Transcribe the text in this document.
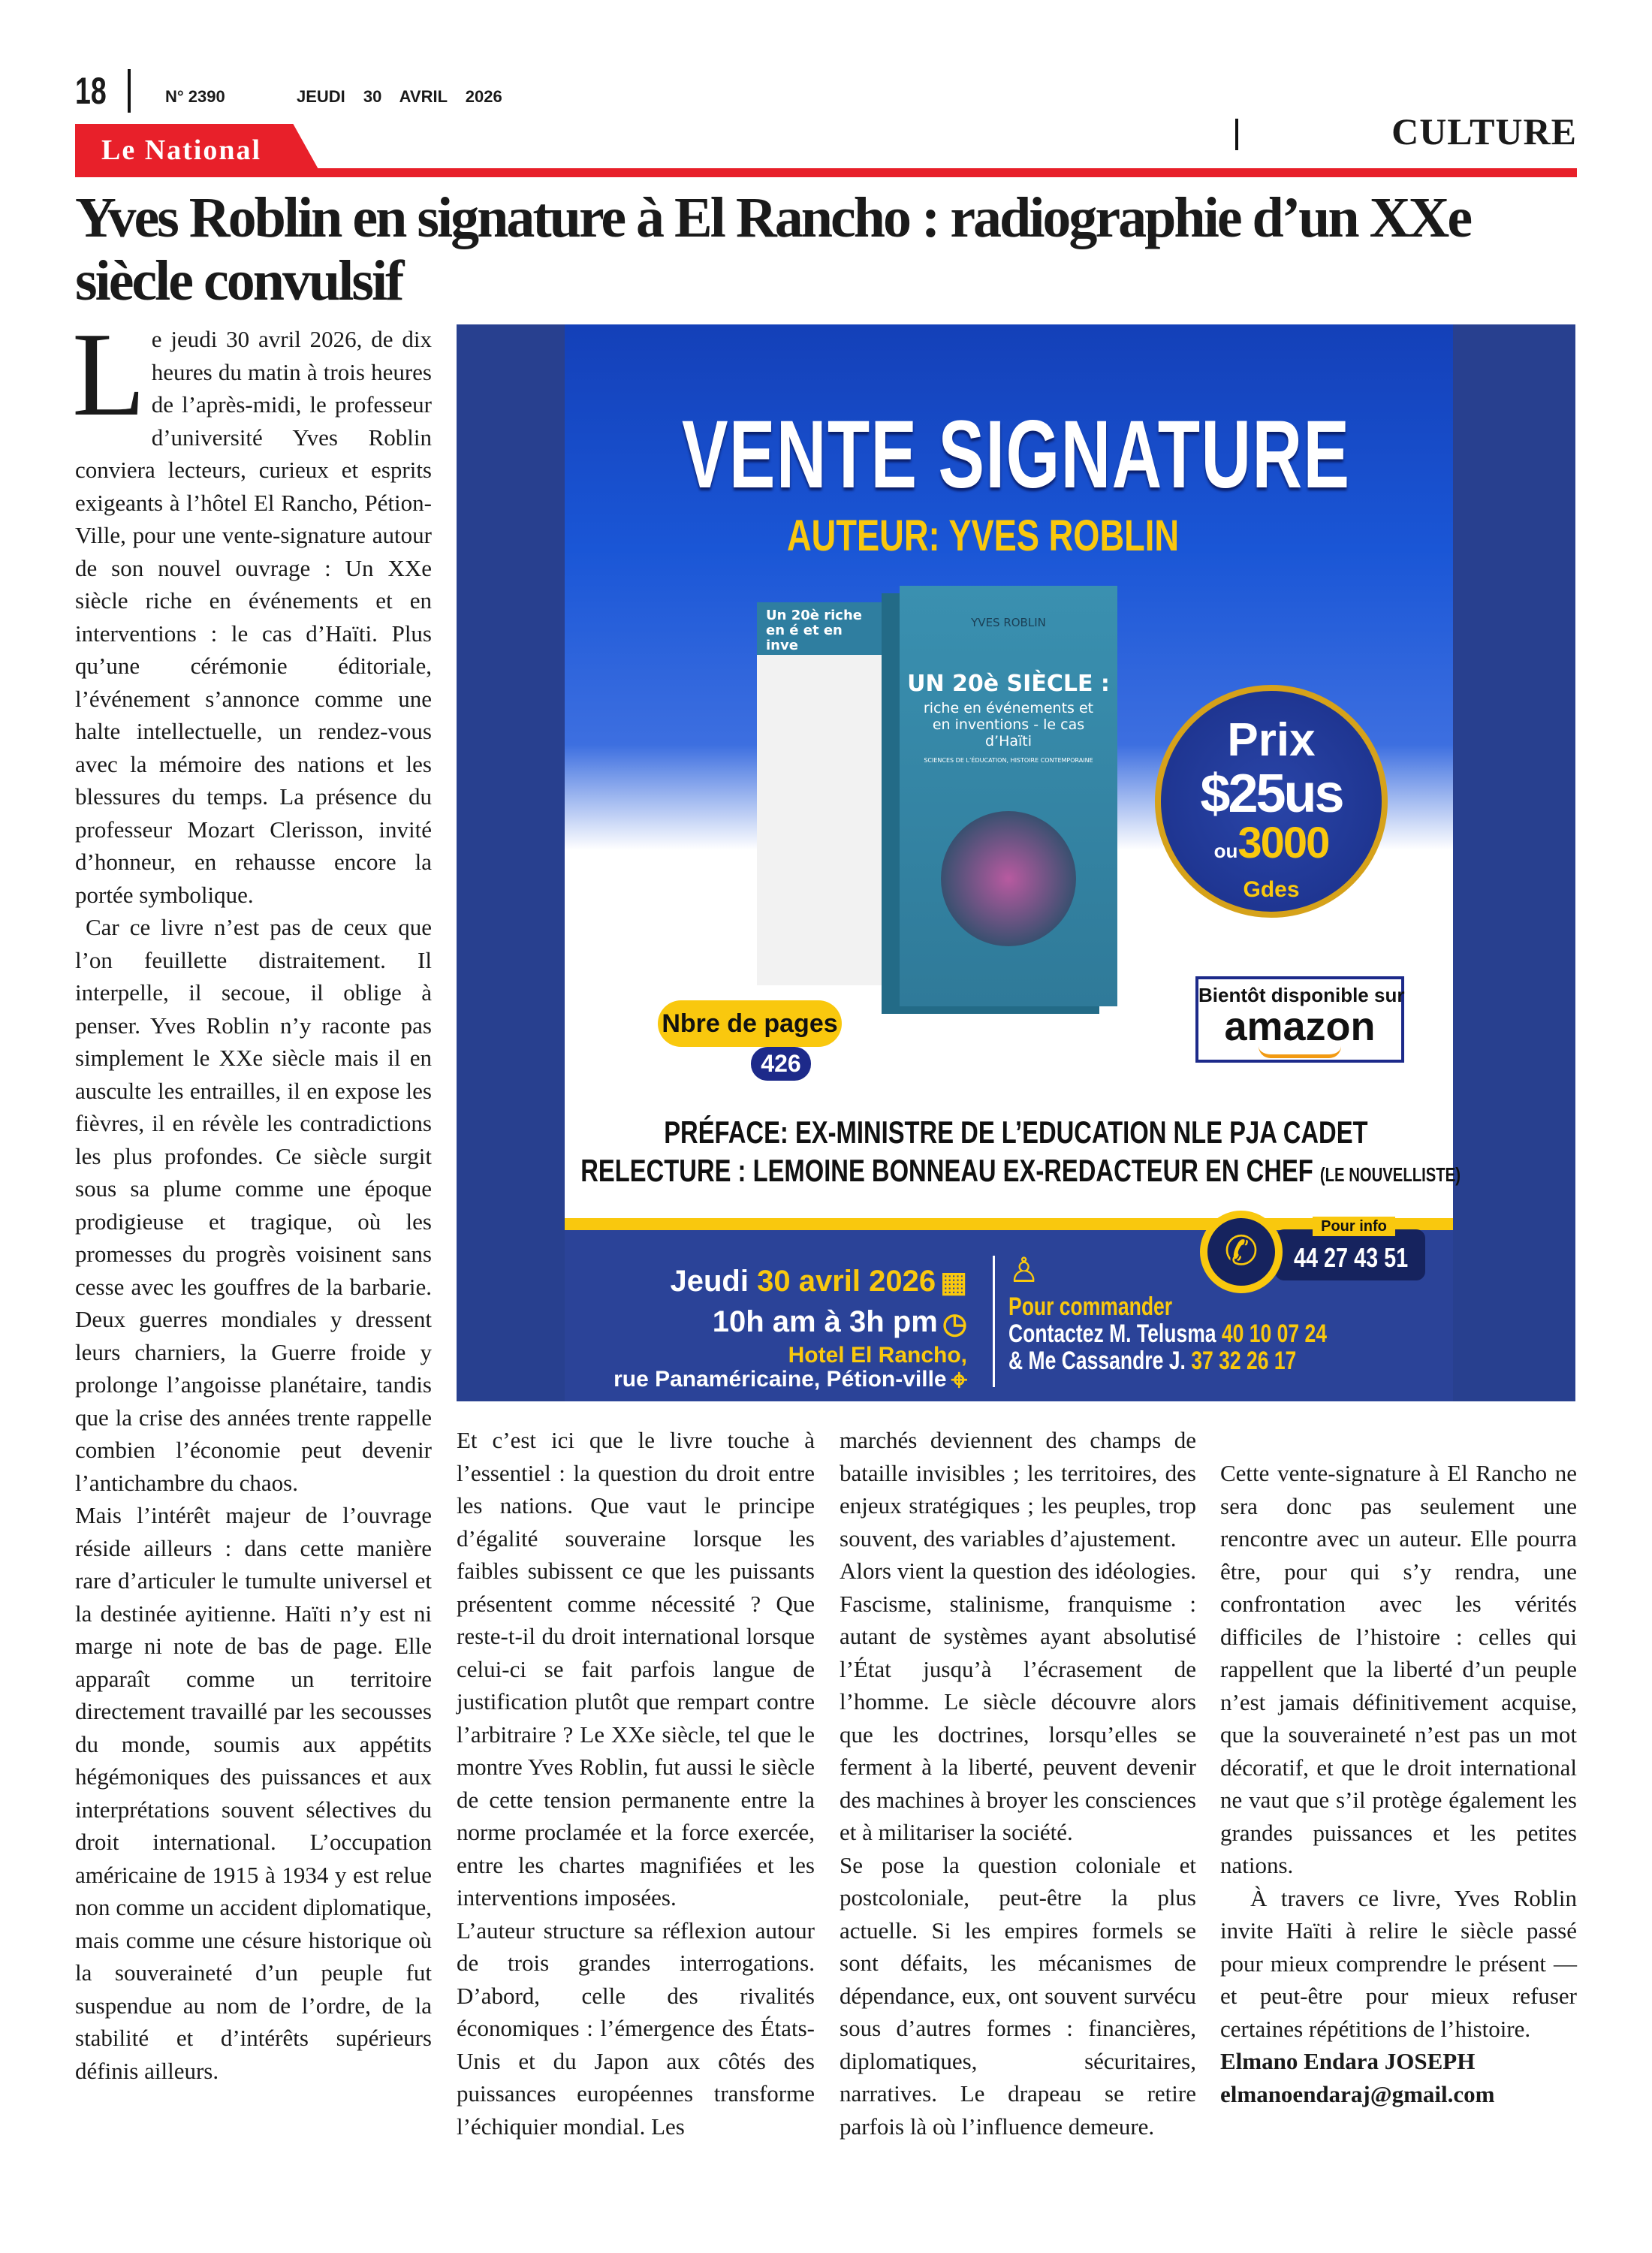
18	N° 2390	JEUDI 30 AVRIL 2026
CULTURE
Le National
Yves Roblin en signature à El Rancho : radiographie d’un XXe siècle convulsif

Le jeudi 30 avril 2026, de dix heures du matin à trois heures de l’après-midi, le professeur d’université Yves Roblin conviera lecteurs, curieux et esprits exigeants à l’hôtel El Rancho, Pétion-Ville, pour une vente-signature autour de son nouvel ouvrage : Un XXe siècle riche en événements et en interventions : le cas d’Haïti. Plus qu’une cérémonie éditoriale, l’événement s’annonce comme une halte intellectuelle, un rendez-vous avec la mémoire des nations et les blessures du temps. La présence du professeur Mozart Clerisson, invité d’honneur, en rehausse encore la portée symbolique.

Car ce livre n’est pas de ceux que l’on feuillette distraitement. Il interpelle, il secoue, il oblige à penser. Yves Roblin n’y raconte pas simplement le XXe siècle mais il en ausculte les entrailles, il en expose les fièvres, il en révèle les contradictions les plus profondes. Ce siècle surgit sous sa plume comme une époque prodigieuse et tragique, où les promesses du progrès voisinent sans cesse avec les gouffres de la barbarie. Deux guerres mondiales y dressent leurs charniers, la Guerre froide y prolonge l’angoisse planétaire, tandis que la crise des années trente rappelle combien l’économie peut devenir l’antichambre du chaos.

Mais l’intérêt majeur de l’ouvrage réside ailleurs : dans cette manière rare d’articuler le tumulte universel et la destinée ayitienne. Haïti n’y est ni marge ni note de bas de page. Elle apparaît comme un territoire directement travaillé par les secousses du monde, soumis aux appétits hégémoniques des puissances et aux interprétations souvent sélectives du droit international. L’occupation américaine de 1915 à 1934 y est relue non comme un accident diplomatique, mais comme une césure historique où la souveraineté d’un peuple fut suspendue au nom de l’ordre, de la stabilité et d’intérêts supérieurs définis ailleurs.

Et c’est ici que le livre touche à l’essentiel : la question du droit entre les nations. Que vaut le principe d’égalité souveraine lorsque les faibles subissent ce que les puissants présentent comme nécessité ? Que reste-t-il du droit international lorsque celui-ci se fait parfois langue de justification plutôt que rempart contre l’arbitraire ? Le XXe siècle, tel que le montre Yves Roblin, fut aussi le siècle de cette tension permanente entre la norme proclamée et la force exercée, entre les chartes magnifiées et les interventions imposées.

L’auteur structure sa réflexion autour de trois grandes interrogations. D’abord, celle des rivalités économiques : l’émergence des États-Unis et du Japon aux côtés des puissances européennes transforme l’échiquier mondial. Les

marchés deviennent des champs de bataille invisibles ; les territoires, des enjeux stratégiques ; les peuples, trop souvent, des variables d’ajustement.

Alors vient la question des idéologies. Fascisme, stalinisme, franquisme : autant de systèmes ayant absolutisé l’État jusqu’à l’écrasement de l’homme. Le siècle découvre alors que les doctrines, lorsqu’elles se ferment à la liberté, peuvent devenir des machines à broyer les consciences et à militariser la société.

Se pose la question coloniale et postcoloniale, peut-être la plus actuelle. Si les empires formels se sont défaits, les mécanismes de dépendance, eux, ont souvent survécu sous d’autres formes : financières, diplomatiques, sécuritaires, narratives. Le drapeau se retire parfois là où l’influence demeure.

Cette vente-signature à El Rancho ne sera donc pas seulement une rencontre avec un auteur. Elle pourra être, pour qui s’y rendra, une confrontation avec les vérités difficiles de l’histoire : celles qui rappellent que la liberté d’un peuple n’est jamais définitivement acquise, que la souveraineté n’est pas un mot décoratif, et que le droit international ne vaut que s’il protège également les grandes puissances et les petites nations.

À travers ce livre, Yves Roblin invite Haïti à relire le siècle passé pour mieux comprendre le présent — et peut-être pour mieux refuser certaines répétitions de l’histoire.

Elmano Endara JOSEPH

elmanoendaraj@gmail.com

VENTE SIGNATURE
AUTEUR: YVES ROBLIN
Un 20è riche en é et en inve
YVES ROBLIN
UN 20è SIÈCLE :
riche en événements et en inventions - le cas d’Haïti
SCIENCES DE L’ÉDUCATION, HISTOIRE CONTEMPORAINE	Prix
$25us
ou3000
Gdes
Bientôt disponible sur
amazon
Nbre de pages
426
PRÉFACE: EX-MINISTRE DE L’EDUCATION NLE PJA CADET
RELECTURE : LEMOINE BONNEAU EX-REDACTEUR EN CHEF (LE NOUVELLISTE)
Jeudi 30 avril 2026 ▦
10h am à 3h pm ◷
Hotel El Rancho,
rue Panaméricaine, Pétion-ville ⌖
♙
Pour commander
Contactez M. Telusma 40 10 07 24
& Me Cassandre J. 37 32 26 17
Pour info
✆	44 27 43 51
